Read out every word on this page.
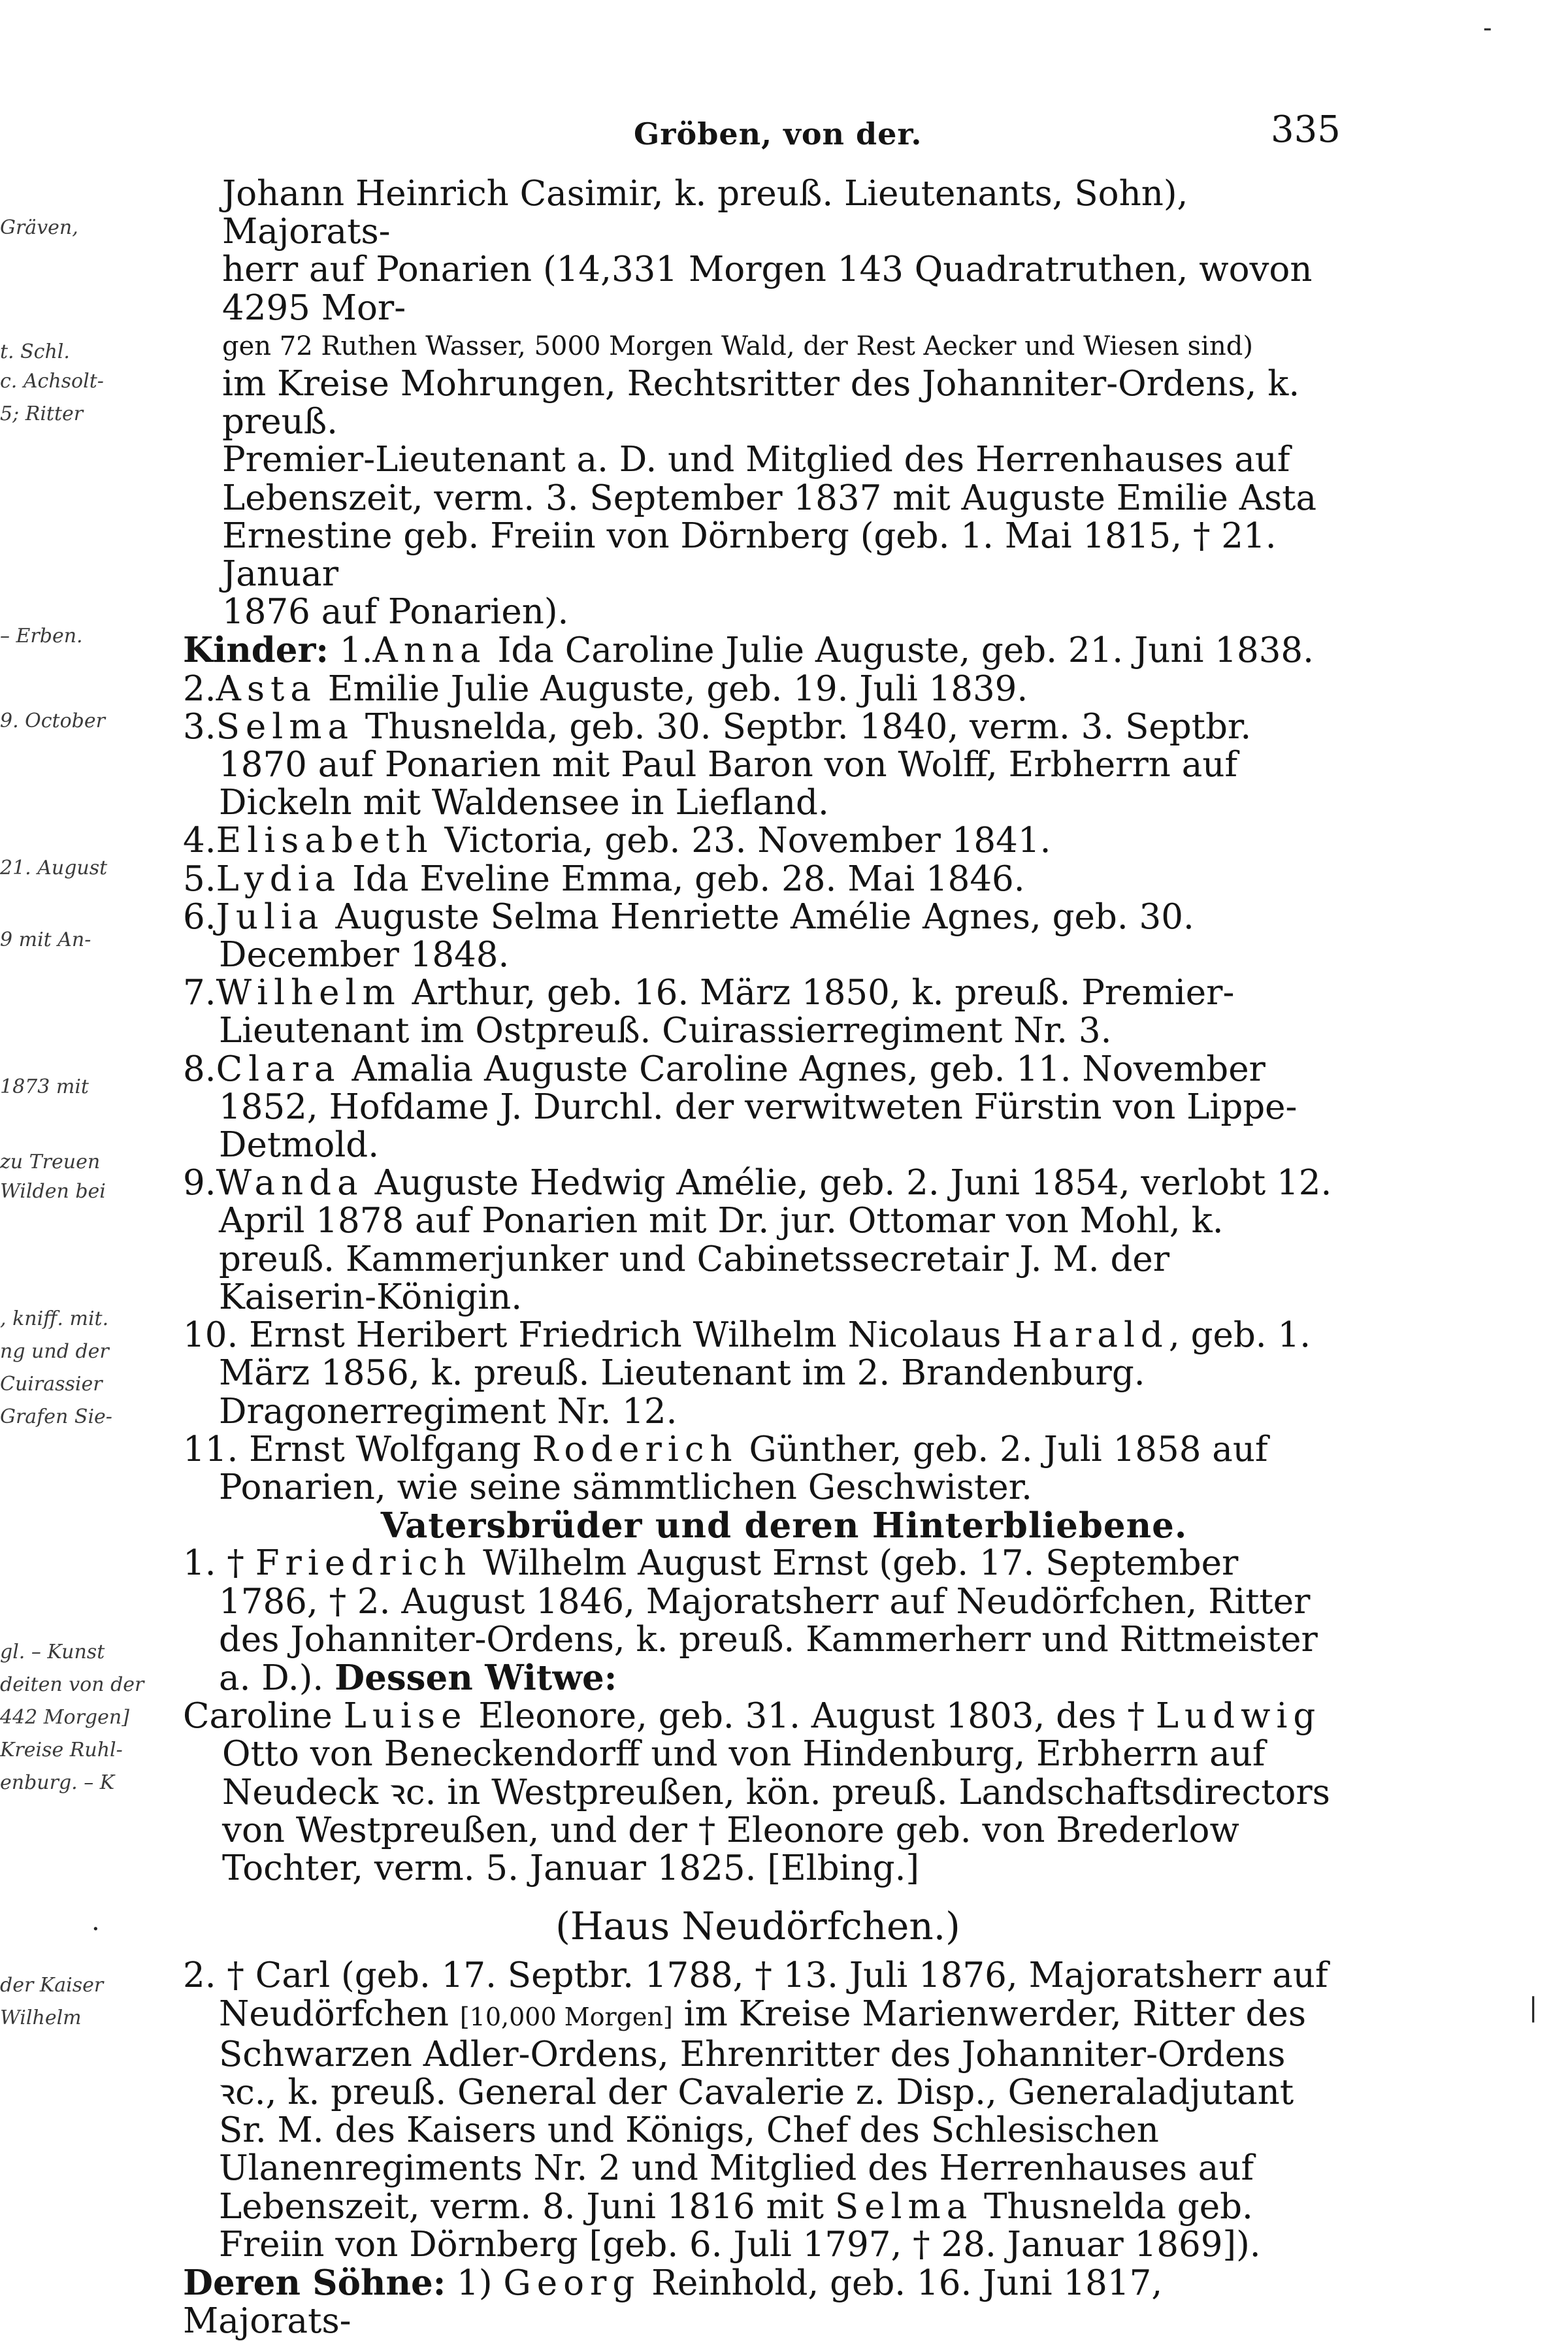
Gröben, von der.	335
Gräven,
t. Schl.
c. Achsolt-
5; Ritter
– Erben.
9. October
21. August
9 mit An-
1873 mit
zu Treuen
Wilden bei
, kniff. mit.
ng und der
Cuirassier
Grafen Sie-
gl. – Kunst
deiten von der
442 Morgen]
Kreise Ruhl-
enburg. – K
der Kaiser
Wilhelm
-
|
·
Johann Heinrich Casimir, k. preuß. Lieutenants, Sohn), Majorats-
herr auf Ponarien (14,331 Morgen 143 Quadratruthen, wovon 4295 Mor-
gen 72 Ruthen Wasser, 5000 Morgen Wald, der Rest Aecker und Wiesen sind)
im Kreise Mohrungen, Rechtsritter des Johanniter-Ordens, k. preuß.
Premier-Lieutenant a. D. und Mitglied des Herrenhauses auf
Lebenszeit, verm. 3. September 1837 mit Auguste Emilie Asta
Ernestine geb. Freiin von Dörnberg (geb. 1. Mai 1815, † 21. Januar
1876 auf Ponarien).
Kinder: 1.Anna Ida Caroline Julie Auguste, geb. 21. Juni 1838.
2.Asta Emilie Julie Auguste, geb. 19. Juli 1839.
3.Selma Thusnelda, geb. 30. Septbr. 1840, verm. 3. Septbr. 1870 auf Ponarien mit Paul Baron von Wolff, Erbherrn auf Dickeln mit Waldensee in Liefland.
4.Elisabeth Victoria, geb. 23. November 1841.
5.Lydia Ida Eveline Emma, geb. 28. Mai 1846.
6.Julia Auguste Selma Henriette Amélie Agnes, geb. 30. December 1848.
7.Wilhelm Arthur, geb. 16. März 1850, k. preuß. Premier-Lieutenant im Ostpreuß. Cuirassierregiment Nr. 3.
8.Clara Amalia Auguste Caroline Agnes, geb. 11. November 1852, Hofdame J. Durchl. der verwitweten Fürstin von Lippe-Detmold.
9.Wanda Auguste Hedwig Amélie, geb. 2. Juni 1854, verlobt 12. April 1878 auf Ponarien mit Dr. jur. Ottomar von Mohl, k. preuß. Kammerjunker und Cabinetssecretair J. M. der Kaiserin-Königin.
10. Ernst Heribert Friedrich Wilhelm Nicolaus Harald, geb. 1. März 1856, k. preuß. Lieutenant im 2. Brandenburg. Dragonerregiment Nr. 12.
11. Ernst Wolfgang Roderich Günther, geb. 2. Juli 1858 auf Ponarien, wie seine sämmtlichen Geschwister.
Vatersbrüder und deren Hinterbliebene.
1. † Friedrich Wilhelm August Ernst (geb. 17. September 1786, † 2. August 1846, Majoratsherr auf Neudörfchen, Ritter des Johanniter-Ordens, k. preuß. Kammerherr und Rittmeister a. D.). Dessen Witwe:
Caroline Luise Eleonore, geb. 31. August 1803, des † Ludwig Otto von Beneckendorff und von Hindenburg, Erbherrn auf Neudeck ꝛc. in Westpreußen, kön. preuß. Landschaftsdirectors von Westpreußen, und der † Eleonore geb. von Brederlow Tochter, verm. 5. Januar 1825. [Elbing.]
(Haus Neudörfchen.)
2. † Carl (geb. 17. Septbr. 1788, † 13. Juli 1876, Majoratsherr auf Neudörfchen [10,000 Morgen] im Kreise Marienwerder, Ritter des Schwarzen Adler-Ordens, Ehrenritter des Johanniter-Ordens ꝛc., k. preuß. General der Cavalerie z. Disp., Generaladjutant Sr. M. des Kaisers und Königs, Chef des Schlesischen Ulanenregiments Nr. 2 und Mitglied des Herrenhauses auf Lebenszeit, verm. 8. Juni 1816 mit Selma Thusnelda geb. Freiin von Dörnberg [geb. 6. Juli 1797, † 28. Januar 1869]).
Deren Söhne: 1) Georg Reinhold, geb. 16. Juni 1817, Majorats-
